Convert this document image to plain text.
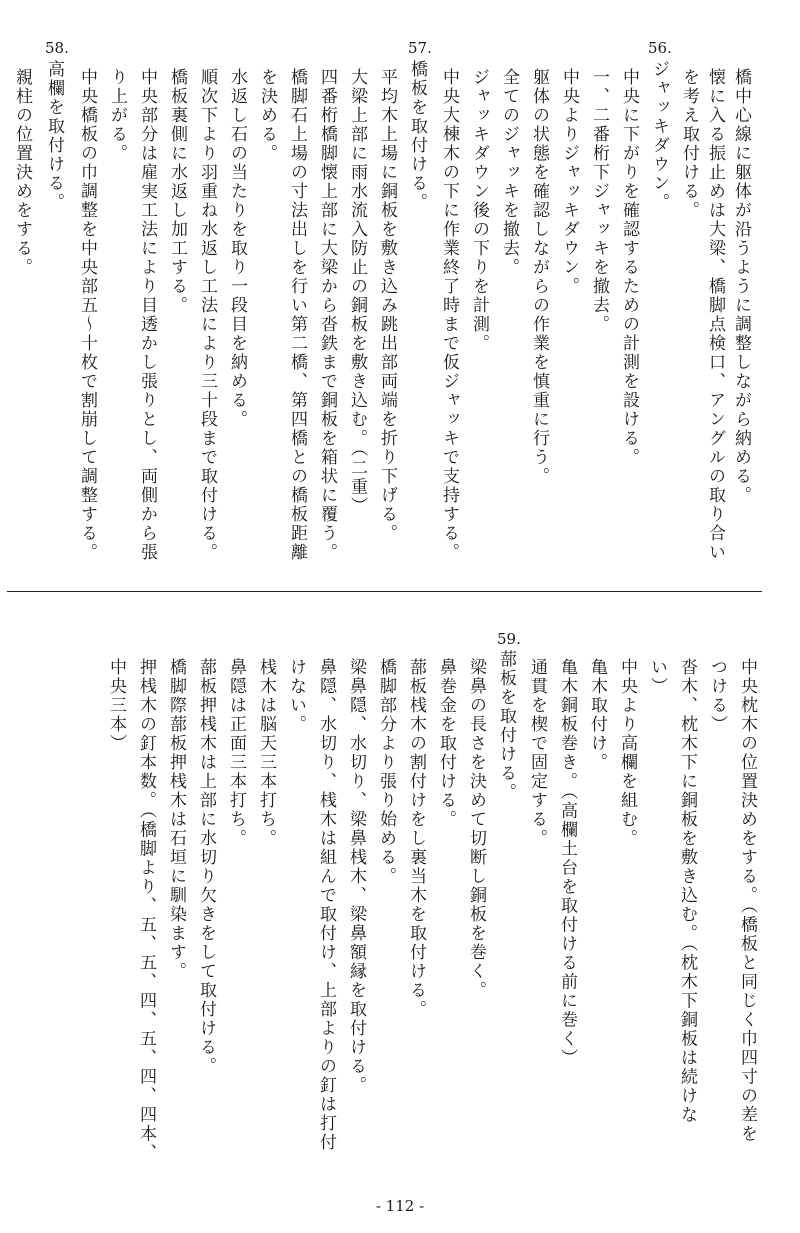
56.
57.
58.
橋中心線に躯体が沿うように調整しながら納める。
懐に入る振止めは大梁、橋脚点検口、アングルの取り合い
を考え取付ける。
ジャッキダウン。
中央に下がりを確認するための計測を設ける。
一、二番桁下ジャッキを撤去。
中央よりジャッキダウン。
躯体の状態を確認しながらの作業を慎重に行う。
全てのジャッキを撤去。
ジャッキダウン後の下りを計測。
中央大棟木の下に作業終了時まで仮ジャッキで支持する。
橋板を取付ける。
平均木上場に銅板を敷き込み跳出部両端を折り下げる。
大梁上部に雨水流入防止の銅板を敷き込む。（二重）
四番桁橋脚懐上部に大梁から沓鉄まで銅板を箱状に覆う。
橋脚石上場の寸法出しを行い第二橋、第四橋との橋板距離
を決める。
水返し石の当たりを取り一段目を納める。
順次下より羽重ね水返し工法により三十段まで取付ける。
橋板裏側に水返し加工する。
中央部分は雇実工法により目透かし張りとし、両側から張
り上がる。
中央橋板の巾調整を中央部五～十枚で割崩して調整する。
高欄を取付ける。
親柱の位置決めをする。
59.
中央枕木の位置決めをする。（橋板と同じく巾四寸の差を
つける）
沓木、枕木下に銅板を敷き込む。（枕木下銅板は続けな
い）
中央より高欄を組む。
亀木取付け。
亀木銅板巻き。（高欄土台を取付ける前に巻く）
通貫を楔で固定する。
蔀板を取付ける。
梁鼻の長さを決めて切断し銅板を巻く。
鼻巻金を取付ける。
蔀板桟木の割付けをし裏当木を取付ける。
橋脚部分より張り始める。
梁鼻隠、水切り、梁鼻桟木、梁鼻額縁を取付ける。
鼻隠、水切り、桟木は組んで取付け、上部よりの釘は打付
けない。
桟木は脳天三本打ち。
鼻隠は正面三本打ち。
蔀板押桟木は上部に水切り欠きをして取付ける。
橋脚際蔀板押桟木は石垣に馴染ます。
押桟木の釘本数。（橋脚より、五、五、四、五、四、四本、
中央三本）
- 112 -
